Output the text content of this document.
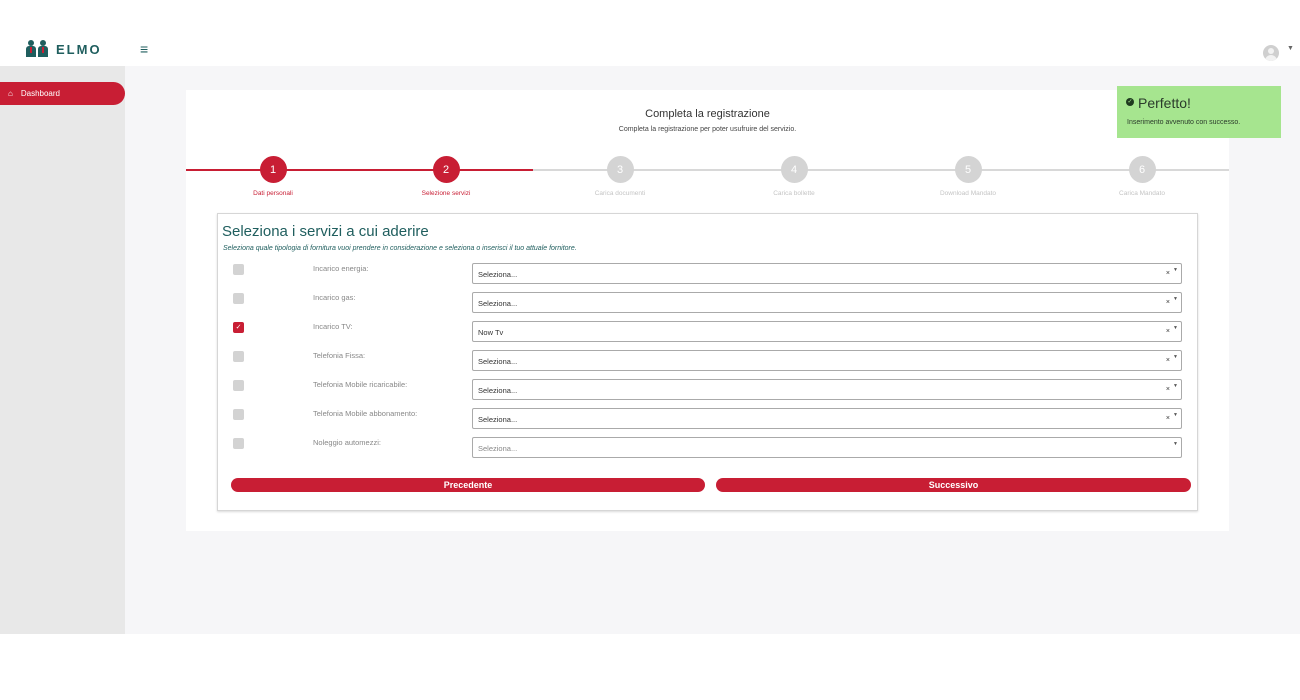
ELMO	≡	▼
⌂ Dashboard
Completa la registrazione
Completa la registrazione per poter usufruire del servizio.
1
Dati personali
2
Selezione servizi
3
Carica documenti
4
Carica bollette
5
Download Mandato
6
Carica Mandato
Seleziona i servizi a cui aderire
Seleziona quale tipologia di fornitura vuoi prendere in considerazione e seleziona o inserisci il tuo attuale fornitore.
Incarico energia:
Seleziona...	× ▼
Incarico gas:
Seleziona...	× ▼
✓	Incarico TV:
Now Tv	× ▼
Telefonia Fissa:
Seleziona...	× ▼
Telefonia Mobile ricaricabile:
Seleziona...	× ▼
Telefonia Mobile abbonamento:
Seleziona...	× ▼
Noleggio automezzi:
Seleziona...	▼
Precedente	Successivo
✓ Perfetto!
Inserimento avvenuto con successo.
